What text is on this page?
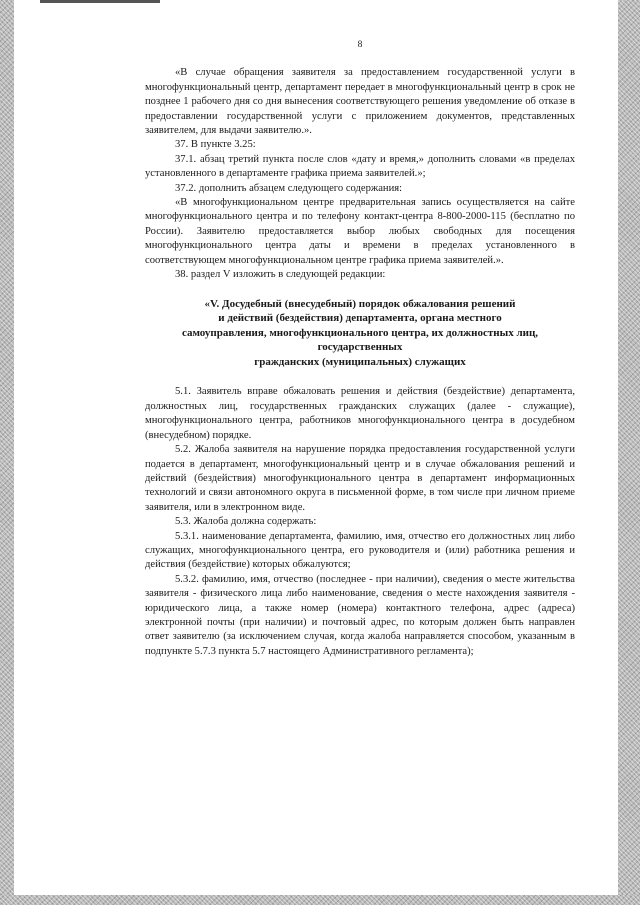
8

«В случае обращения заявителя за предоставлением государственной услуги в многофункциональный центр, департамент передает в многофункциональный центр в срок не позднее 1 рабочего дня со дня вынесения соответствующего решения уведомление об отказе в предоставлении государственной услуги с приложением документов, представленных заявителем, для выдачи заявителю.».

37. В пункте 3.25:

37.1. абзац третий пункта после слов «дату и время,» дополнить словами «в пределах установленного в департаменте графика приема заявителей.»;

37.2. дополнить абзацем следующего содержания:

«В многофункциональном центре предварительная запись осуществляется на сайте многофункционального центра и по телефону контакт-центра 8-800-2000-115 (бесплатно по России). Заявителю предоставляется выбор любых свободных для посещения многофункционального центра даты и времени в пределах установленного в соответствующем многофункциональном центре графика приема заявителей.».

38. раздел V изложить в следующей редакции:

«V. Досудебный (внесудебный) порядок обжалования решений
и действий (бездействия) департамента, органа местного
самоуправления, многофункционального центра, их должностных лиц,
государственных
гражданских (муниципальных) служащих

5.1. Заявитель вправе обжаловать решения и действия (бездействие) департамента, должностных лиц, государственных гражданских служащих (далее - служащие), многофункционального центра, работников многофункционального центра в досудебном (внесудебном) порядке.

5.2. Жалоба заявителя на нарушение порядка предоставления государственной услуги подается в департамент, многофункциональный центр и в случае обжалования решений и действий (бездействия) многофункционального центра в департамент информационных технологий и связи автономного округа в письменной форме, в том числе при личном приеме заявителя, или в электронном виде.

5.3. Жалоба должна содержать:

5.3.1. наименование департамента, фамилию, имя, отчество его должностных лиц либо служащих, многофункционального центра, его руководителя и (или) работника решения и действия (бездействие) которых обжалуются;

5.3.2. фамилию, имя, отчество (последнее - при наличии), сведения о месте жительства заявителя - физического лица либо наименование, сведения о месте нахождения заявителя - юридического лица, а также номер (номера) контактного телефона, адрес (адреса) электронной почты (при наличии) и почтовый адрес, по которым должен быть направлен ответ заявителю (за исключением случая, когда жалоба направляется способом, указанным в подпункте 5.7.3 пункта 5.7 настоящего Административного регламента);
